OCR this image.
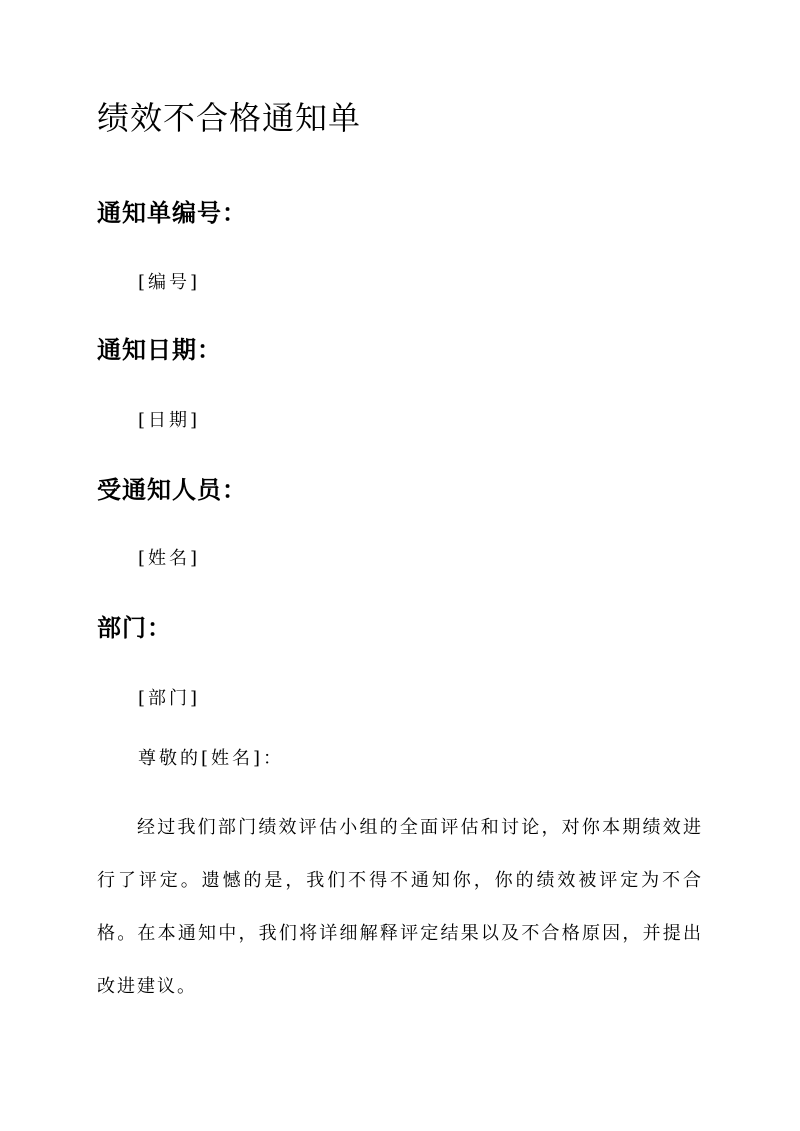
绩效不合格通知单
通知单编号：
[编号]
通知日期：
[日期]
受通知人员：
[姓名]
部门：
[部门]
尊敬的[姓名]：

经过我们部门绩效评估小组的全面评估和讨论，对你本期绩效进行了评定。遗憾的是，我们不得不通知你，你的绩效被评定为不合格。在本通知中，我们将详细解释评定结果以及不合格原因，并提出改进建议。
